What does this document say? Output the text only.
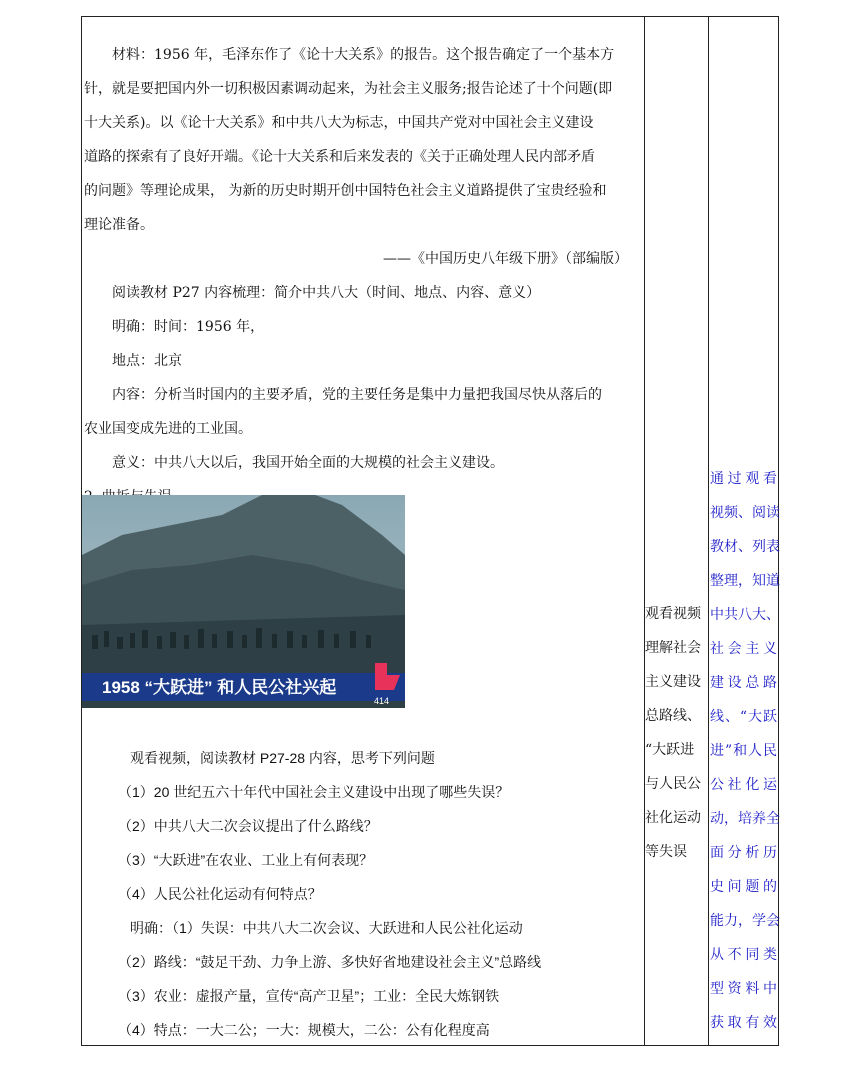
材料：1956 年，毛泽东作了《论十大关系》的报告。这个报告确定了一个基本方
针，就是要把国内外一切积极因素调动起来，为社会主义服务;报告论述了十个问题(即
十大关系)。以《论十大关系》和中共八大为标志，中国共产党对中国社会主义建设
道路的探索有了良好开端。《论十大关系和后来发表的《关于正确处理人民内部矛盾
的问题》等理论成果， 为新的历史时期开创中国特色社会主义道路提供了宝贵经验和
理论准备。
——《中国历史八年级下册》（部编版）
阅读教材 P27 内容梳理：简介中共八大（时间、地点、内容、意义）
明确：时间：1956 年，
地点：北京
内容：分析当时国内的主要矛盾，党的主要任务是集中力量把我国尽快从落后的
农业国变成先进的工业国。
意义：中共八大以后，我国开始全面的大规模的社会主义建设。
1958 “大跃进” 和人民公社兴起
414
观看视频，阅读教材 P27-28 内容，思考下列问题
（1）20 世纪五六十年代中国社会主义建设中出现了哪些失误？
（2）中共八大二次会议提出了什么路线？
（3）“大跃进”在农业、工业上有何表现？
（4）人民公社化运动有何特点？
明确：（1）失误：中共八大二次会议、大跃进和人民公社化运动
（2）路线：“鼓足干劲、力争上游、多快好省地建设社会主义”总路线
（3）农业：虚报产量，宣传“高产卫星”；工业：全民大炼钢铁
（4）特点：一大二公；一大：规模大，二公：公有化程度高
观看视频
理解社会
主义建设
总路线、
“大跃进
与人民公
社化运动
等失误
通过观看
视频、阅读
教材、列表
整理，知道
中共八大、
社会主义
建设总路
线、“大跃
进”和人民
公社化运
动，培养全
面分析历
史问题的
能力，学会
从不同类
型资料中
获取有效
